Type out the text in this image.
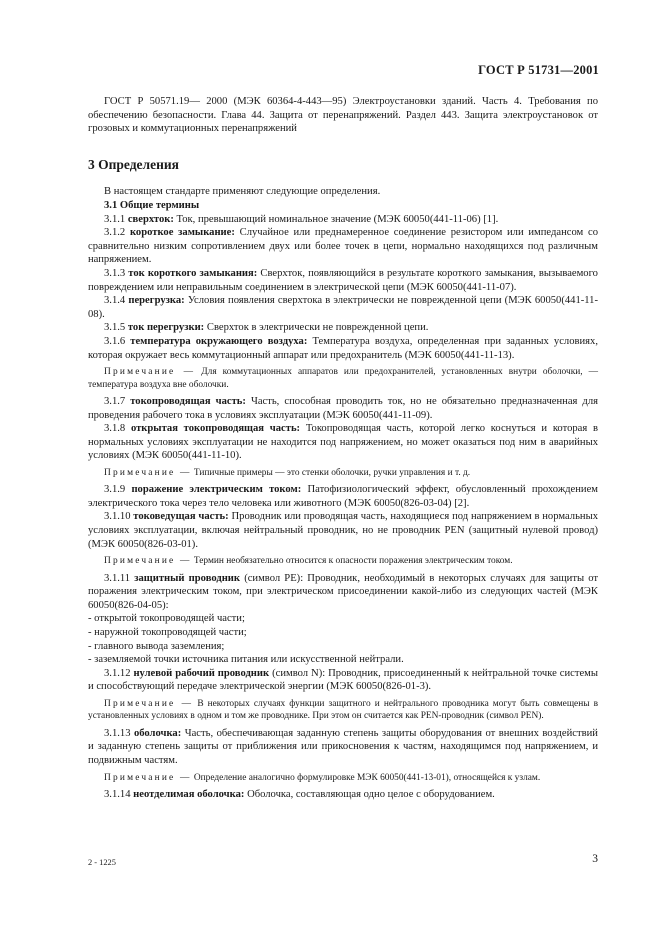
ГОСТ Р 51731—2001

ГОСТ Р 50571.19— 2000 (МЭК 60364-4-443—95) Электроустановки зданий. Часть 4. Требования по обеспечению безопасности. Глава 44. Защита от перенапряжений. Раздел 443. Защита электроустановок от грозовых и коммутационных перенапряжений

3 Определения

В настоящем стандарте применяют следующие определения.

3.1 Общие термины

3.1.1 сверхток: Ток, превышающий номинальное значение (МЭК 60050(441-11-06) [1].

3.1.2 короткое замыкание: Случайное или преднамеренное соединение резистором или импедансом со сравнительно низким сопротивлением двух или более точек в цепи, нормально находящихся под различным напряжением.

3.1.3 ток короткого замыкания: Сверхток, появляющийся в результате короткого замыкания, вызываемого повреждением или неправильным соединением в электрической цепи (МЭК 60050(441-11-07).

3.1.4 перегрузка: Условия появления сверхтока в электрически не поврежденной цепи (МЭК 60050(441-11-08).

3.1.5 ток перегрузки: Сверхток в электрически не поврежденной цепи.

3.1.6 температура окружающего воздуха: Температура воздуха, определенная при заданных условиях, которая окружает весь коммутационный аппарат или предохранитель (МЭК 60050(441-11-13).

Примечание — Для коммутационных аппаратов или предохранителей, установленных внутри оболочки, — температура воздуха вне оболочки.

3.1.7 токопроводящая часть: Часть, способная проводить ток, но не обязательно предназначенная для проведения рабочего тока в условиях эксплуатации (МЭК 60050(441-11-09).

3.1.8 открытая токопроводящая часть: Токопроводящая часть, которой легко коснуться и которая в нормальных условиях эксплуатации не находится под напряжением, но может оказаться под ним в аварийных условиях (МЭК 60050(441-11-10).

Примечание — Типичные примеры — это стенки оболочки, ручки управления и т. д.

3.1.9 поражение электрическим током: Патофизиологический эффект, обусловленный прохождением электрического тока через тело человека или животного (МЭК 60050(826-03-04) [2].

3.1.10 токоведущая часть: Проводник или проводящая часть, находящиеся под напряжением в нормальных условиях эксплуатации, включая нейтральный проводник, но не проводник PEN (защитный нулевой провод) (МЭК 60050(826-03-01).

Примечание — Термин необязательно относится к опасности поражения электрическим током.

3.1.11 защитный проводник (символ РЕ): Проводник, необходимый в некоторых случаях для защиты от поражения электрическим током, при электрическом присоединении какой-либо из следующих частей (МЭК 60050(826-04-05):

- открытой токопроводящей части;

- наружной токопроводящей части;

- главного вывода заземления;

- заземляемой точки источника питания или искусственной нейтрали.

3.1.12 нулевой рабочий проводник (символ N): Проводник, присоединенный к нейтральной точке системы и способствующий передаче электрической энергии (МЭК 60050(826-01-3).

Примечание — В некоторых случаях функции защитного и нейтрального проводника могут быть совмещены в установленных условиях в одном и том же проводнике. При этом он считается как PEN-проводник (символ PEN).

3.1.13 оболочка: Часть, обеспечивающая заданную степень защиты оборудования от внешних воздействий и заданную степень защиты от приближения или прикосновения к частям, находящимся под напряжением, и подвижным частям.

Примечание — Определение аналогично формулировке МЭК 60050(441-13-01), относящейся к узлам.

3.1.14 неотделимая оболочка: Оболочка, составляющая одно целое с оборудованием.

2 - 1225	3
